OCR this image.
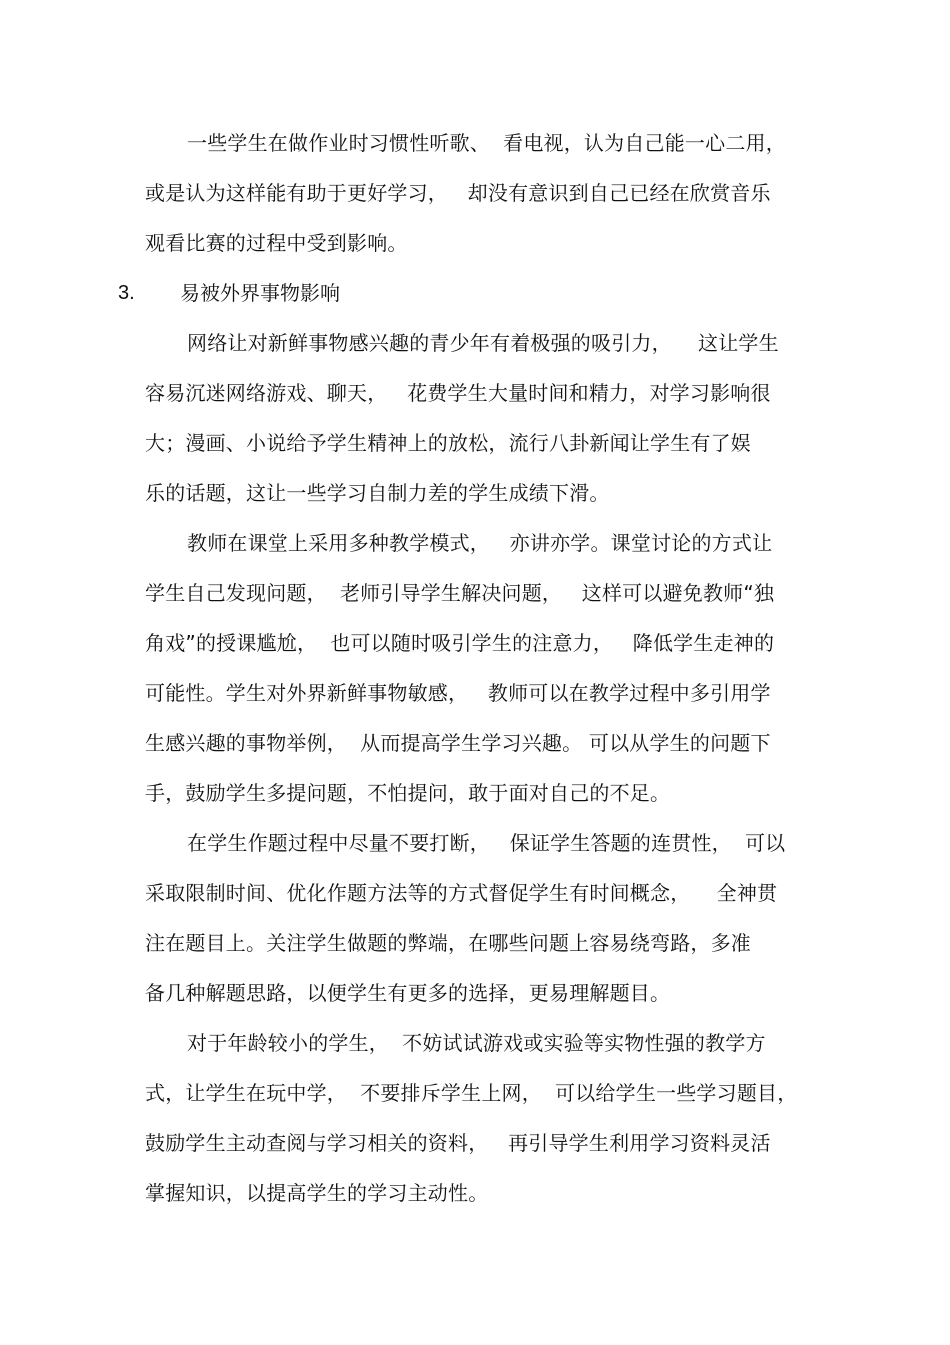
一些学生在做作业时习惯性听歌、  看电视，认为自己能一心二用，
或是认为这样能有助于更好学习，   却没有意识到自己已经在欣赏音乐
观看比赛的过程中受到影响。
3. 易被外界事物影响
网络让对新鲜事物感兴趣的青少年有着极强的吸引力，    这让学生
容易沉迷网络游戏、聊天，   花费学生大量时间和精力，对学习影响很
大；漫画、小说给予学生精神上的放松，流行八卦新闻让学生有了娱
乐的话题，这让一些学习自制力差的学生成绩下滑。
教师在课堂上采用多种教学模式，   亦讲亦学。课堂讨论的方式让
学生自己发现问题，  老师引导学生解决问题，   这样可以避免教师“独
角戏”的授课尴尬，  也可以随时吸引学生的注意力，   降低学生走神的
可能性。学生对外界新鲜事物敏感，   教师可以在教学过程中多引用学
生感兴趣的事物举例，  从而提高学生学习兴趣。 可以从学生的问题下
手，鼓励学生多提问题，不怕提问，敢于面对自己的不足。
在学生作题过程中尽量不要打断，   保证学生答题的连贯性，  可以
采取限制时间、优化作题方法等的方式督促学生有时间概念，    全神贯
注在题目上。关注学生做题的弊端，在哪些问题上容易绕弯路，多准
备几种解题思路，以便学生有更多的选择，更易理解题目。
对于年龄较小的学生，  不妨试试游戏或实验等实物性强的教学方
式，让学生在玩中学，  不要排斥学生上网，  可以给学生一些学习题目，
鼓励学生主动查阅与学习相关的资料，   再引导学生利用学习资料灵活
掌握知识，以提高学生的学习主动性。
